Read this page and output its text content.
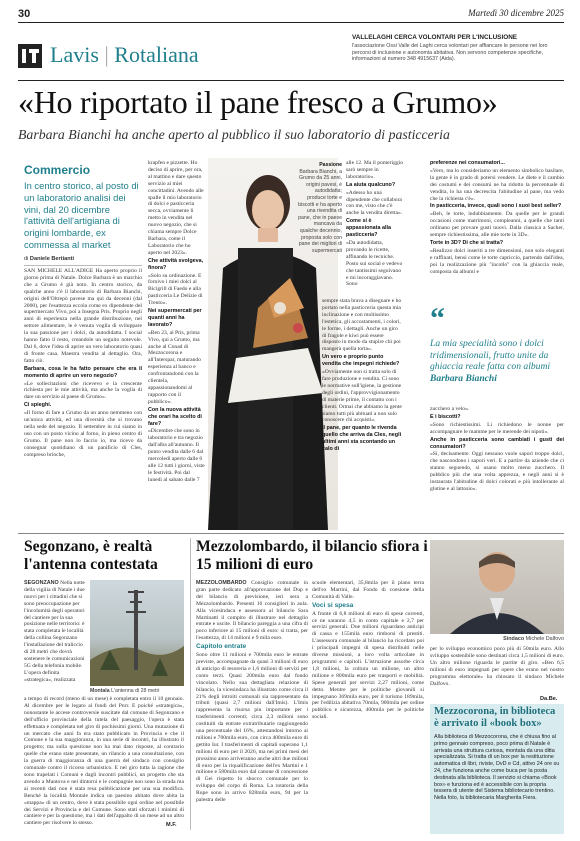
30	Martedì 30 dicembre 2025
Lavis | Rotaliana
VALLELAGHI CERCA VOLONTARI PER L'INCLUSIONE
l'associazione Ossi Valle dei Laghi cerca volontari per affiancare le persone nei loro percorsi di inclusione e autonomia abitativa. Non servono competenze specifiche, informazioni al numero 348 4915637 (Aida).
«Ho riportato il pane fresco a Grumo»
Barbara Bianchi ha anche aperto al pubblico il suo laboratorio di pasticceria
Commercio
In centro storico, al posto di un laboratorio analisi dei vini, dal 20 dicembre l'attività dell'artigiana di origini lombarde, ex commessa al market
di Daniele Bertianti

SAN MICHELE ALL'ADIGE Ha aperto proprio il giorno prima di Natale. Dolce Barbara è un marchio che a Grumo è già noto. In centro storico, da qualche anno c'è il laboratorio di Barbara Bianchi, origini dell'Oltrepò pavese ma qui da decenni (dal 2000), per l'esattezza eccola come ex dipendente del supermercato Vivo, poi a Insegna Pris. Proprio negli anni di esperienza nella grande distribuzione, nel settore alimentare, le è venuta voglia di sviluppare la sua passione per i dolci, da autodidatta. I social hanno fatto il resto, creandole un seguito notevole. Dal 6, dove l'idea di aprire un vero laboratorio quasi di fronte casa. Maestra vendita al dettaglio. Ora, fatto ciò.

Barbara, cosa le ha fatto pensare che era il momento di aprire un vero negozio?

«Le sollecitazioni che ricevevo e la crescente richiesta per le mie attività, ma anche la voglia di dare un servizio al paese di Grumo».

Ci spieghi.

«Il forno di fare a Grumo da un anno nemmeno con un'unica attività, ed una diversità che si trovano nella sede del negozio. Il settembre in cui siamo in uso con un posto vicino al forno, in pieno centro di Grumo. Il pane non lo faccio io, ma ricevo da consegnar quotidiano di un panificio di Cles, compreso brioche,

krapfen e pizzette. Ho deciso di aprire, per ora, al mattino e dare questo servizio ai miei concittadini. Avendo alle spalle il mio laboratorio di dolci e pasticceria secca, ovviamente li metto in vendita nel nuovo negozio, che si chiama sempre Dolce Barbara, come il Laboratorio che ho aperto nel 2023».

Che attività svolgeva, finora?

«Solo su ordinazione. E fornivo i miei dolci al Bicigrill di Faedo e alla pasticceria Le Delizie di Trento».

Nei supermercati per quanti anni ha lavorato?

«Ben 23, al Pris, prima Vivo, qui a Grumo, ma anche al Conad di Mezzocorona e all'Interspar, maturando esperienza al banco e confrontandomi con la clientela, appassionandomi al rapporto con il pubblico».

Con la nuova attività che orari ha scelto di fare?

«Dicembre che sono in laboratorio e tra negozio dall'alba all'autunno. Il punto vendita dalle 6 dal mercoledì aperto dalle 6 alle 12 tutti i giorni, viste le festività. Poi dal lunedì al sabato dalle 7

Passione
Barbara Bianchi, a Grumo da 25 anni, origini pavesi, è autodidatta; produce torte e biscotti e ha aperto una rivendita di pane, che in paese mancava da qualche decennio, proposta solo con pane dei migliori di supermercati

alle 12. Ma il pomeriggio sarò sempre in laboratorio».

La aiuta qualcuno?

«Adesso ho una dipendente che collabora con me, visto che c'è anche la vendita diretta».

Come si è appassionata alla pasticceria?

«Da autodidatta, provando le ricette, affinando le tecniche. Posto sui social e vedevo che tantissimi seguivano e mi incoraggiavano. Sono

sempre stata brava a disegnare e ho portato nella pasticceria questa mia inclinazione e con moltissimo l'estetica, gli accostamenti, i colori, le forme, i dettagli. Anche un giro di fragole e kiwi può essere disposto in modo da stupire chi poi mangerà quella torta».

Un vero e proprio punto vendita che impegni richiede?

«Ovviamente non si tratta solo di fare produzione e vendita. Ci sono le normative sull'igiene, la gestione degli ordini, l'approvvigionamento di materie prime, il contatto con i clienti. Ormai che abbiamo la gente siamo tutti più abituati a non solo conoscere chi acquisti».

Il pane, per quanto le rivenda quello che arriva da Cles, negli ultimi anni sta scontando un calo di

preferenze nei consumatori...

«Vero, ma lo consideriamo un elemento simbolico basilare, la gente è in grado di potersi vendere. Le diete e il cambio dei costumi e dei consumi ne ha ridotto la percentuale di vendita, lo ha una decrescita l'abitudine al pane, ma vedo che la richiesta c'è».

In pasticceria, invece, quali sono i suoi best seller?

«Beh, le torte, indubbiamente. Da quelle per le grandi occasioni come matrimoni, compleanni, a quelle che tanti ordinano per provare gusti nuovi. Dalla classica a Sacher, sempre richiestissima, alle mie torte in 3D».

Torte in 3D? Di che si tratta?

«Realizzo dolci inseriti a tre dimensioni, non solo eleganti e raffinati, bensì come le torte capriccio, partendo dall'idea, poi la realizzazione più "incollo" con la ghiaccia reale, composta da albumi e

“
La mia specialità sono i dolci tridimensionali, frutto unite da ghiaccia reale fatta con albumi Barbara Bianchi

zucchero a velo».

E i biscotti?

«Sono richiestissimi. Li richiedono le nonne per accompagnare le mamme per le merende dei nipoti».

Anche in pasticceria sono cambiati i gusti dei consumatori?

«Sì, decisamente. Oggi nessuno vuole sapori troppo dolci, che nascondono i sapori veri. E a partire da aziende che ci stanno seguendo, si usano molto meno zucchero. Il pubblico più che una volta apprezza, e negli anni si è instaurata l'abitudine di dolci colorati e più intollerante al glutine e al lattosio».

Segonzano, è realtà l'antenna contestata
SEGONZANO Nella notte della vigilia di Natale i due nuovi per i cittadini che si sono preoccupazione per l'incolumità degli operatori del cantiere per la sua posizione nelle territorio: è stata completata le località della collina Segonzano l'installazione del traliccio di 28 metri che dovrà sostenere le comunicazioni 5G della telefonia mobile. L'opera definita «strategica», realizzata
Montala L'antenna di 28 metri
a tempo di record (meno di un mese) è completata entro il 10 gennaio. Al dicembre per le legato ai fondi del Pnrr. E poiché «strategica», nonostante le accese controversie suscitate dal comune di Segonzano e dell'ufficio provinciale della tutela del paesaggio, l'opera è stata effettuata e completata nel giro di pochissimi giorni. Una mutazione di un mercato che anni fa era stato pubblicato in Provincia e che il Comune e la sua maggioranza, in una serie di incontri, ha illustrato il progetto; ma sulla questione non ha mai dato risposte, al contrario quelle che erano state presentate, un rilancio a una consultazione, con la guerra di maggioranza di una guerra del sindaco con consiglio comunale contro il ricorso urbanistico. E nel giro tutta la ragione che sono trapelati i Comuni e dagli incontri pubblici, un progetto che sta avendo a Mantova e nei dintorni e le compagnie non sono la strada ma ai recenti dati non è stata resa pubblicazione per una sua modifica. Benché la località Montale indica un paesino abitato dove abita la «mappa» di un centro, dove è stata possibile ogni ordine nel possibile dei Servizi e Provincia e del Comune. Sono stati sforzati i minimi di cantiere e per la questione, ma i dati dell'appalto di un mese ad un altro cantiere per risolvere lo stesso.	M.F.
Mezzolombardo, il bilancio sfiora i 15 milioni di euro

MEZZOLOMBARDO Consiglio comunale in gran parte dedicato all'approvazione del Dup e del bilancio di previsione, ieri sera a Mezzolombardo. Presenti 16 consiglieri in aula. Alla vicesindaca e assessora al bilancio Sara Martinatti il compito di illustrare nel dettaglio entrate e uscite. Il bilancio pareggia a una cifra di poco inferiore ai 15 milioni di euro: si tratta, per l'esattezza, di 14 milioni e 9 mila euro.

Capitolo entrate

Sono oltre 11 milioni e 700mila euro le entrate previste, accompagnate da quasi 3 milioni di euro di anticipo di tesoreria e 1,6 milioni di servizi per conto terzi. Quasi 200mila euro dal fondo vincolato. Nello sua dettagliata relazione di bilancio, la vicesindaca ha illustrato come circa il 21% degli introiti comunali sia rappresentato da tributi (quasi 2,7 milioni dall'Imis). L'Imis rappresenta la risorsa piu importante per i trasferimenti correnti; circa 2,3 milioni sono costituiti da entrate extratributarie raggiungendo una percentuale del 16%, attestandosi intorno ai milioni e 700mila euro, con circa 400mila euro di gettito Iur. I trasferimenti di capitali superano 1,1 milioni di euro per il 2026, ma nei primi mesi del prossimo anno arriveranno anche altri due milioni di euro per la riqualificazione dell'ex Martini e 1 milione e 580mila euro dal canone di concessione di Gei rispetto lo sbocco comunale per lo sviluppo del corpo di Roma. La rotatoria della Rupe sono in arrivo 828mila euro, 94 per la palestra delle

scuole elementari, 35,8mila per il piano terra dell'ex Martini, dal Fondo di coesione della Comunità di Valle.

Voci si spesa

A fronte di 6,8 milioni di euro di spese correnti, ce ne saranno 4,5 in conto capitale e 2,7 per servizi generali. Due milioni riguardano anticipi di cassa e 155mila euro rimborsi di prestiti. L'assessora comunale al bilancio ha ricordato poi i principali impegni di spesa distribuiti nelle diverse missioni, a loro volta articolate in programmi e capitoli. L'istruzione assorbe circa 1,8 milioni, la cultura un milione, un altro milione e 800mila euro per trasporti e mobilità. Spese generali per servizi 2,27 milioni, come detto. Mentre per le politiche giovanili si impegnano 369mila euro, per il turismo 189mila, per l'edilizia abitativa 70mila, 900mila per ordine pubblico e sicurezza, 400mila per le politiche sociali.

Sindaco Michele Dalfovo
per lo sviluppo economico poco più di 50mila euro. Allo sviluppo sostenibile sono destinati circa 1,5 milioni di euro. Un altro milione riguarda le partite di giro. «Ben 6,5 milioni di euro impegnati per opere che erano nel nostro programma elettorale» ha chiosato il sindaco Michele Dalfovo.
Da.Be.
Mezzocorona, in biblioteca è arrivato il «book box»
Alla biblioteca di Mezzocorona, che è chiusa fino al primo gennaio compreso, poco prima di Natale è arrivata una struttura curiosa, montata da una ditta specializzata. Si tratta di un box per la restituzione automatica di libri, riviste, DvD e Cd, attivo 24 ore su 24, che funziona anche come buca per la posta destinata alla biblioteca. Il servizio si chiama «Book box» e funziona ed è accessibile con la propria tessera di utente del Sistema bibliotecario trentino. Nella foto, la bibliotecaria Margherita Fiera.
